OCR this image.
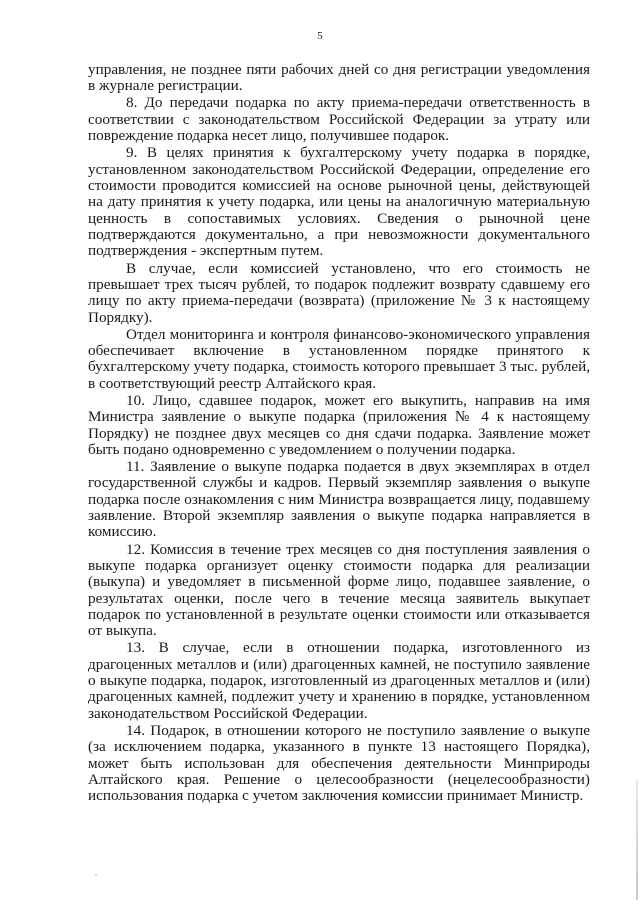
5

управления, не позднее пяти рабочих дней со дня регистрации уведомления в журнале регистрации.

8. До передачи подарка по акту приема-передачи ответственность в соответствии с законодательством Российской Федерации за утрату или повреждение подарка несет лицо, получившее подарок.

9. В целях принятия к бухгалтерскому учету подарка в порядке, установленном законодательством Российской Федерации, определение его стоимости проводится комиссией на основе рыночной цены, действующей на дату принятия к учету подарка, или цены на аналогичную материальную ценность в сопоставимых условиях. Сведения о рыночной цене подтверждаются документально, а при невозможности документального подтверждения - экспертным путем.

В случае, если комиссией установлено, что его стоимость не превышает трех тысяч рублей, то подарок подлежит возврату сдавшему его лицу по акту приема-передачи (возврата) (приложение № 3 к настоящему Порядку).

Отдел мониторинга и контроля финансово-экономического управления обеспечивает включение в установленном порядке принятого к бухгалтерскому учету подарка, стоимость которого превышает 3 тыс. рублей, в соответствующий реестр Алтайского края.

10. Лицо, сдавшее подарок, может его выкупить, направив на имя Министра заявление о выкупе подарка (приложения № 4 к настоящему Порядку) не позднее двух месяцев со дня сдачи подарка. Заявление может быть подано одновременно с уведомлением о получении подарка.

11. Заявление о выкупе подарка подается в двух экземплярах в отдел государственной службы и кадров. Первый экземпляр заявления о выкупе подарка после ознакомления с ним Министра возвращается лицу, подавшему заявление. Второй экземпляр заявления о выкупе подарка направляется в комиссию.

12. Комиссия в течение трех месяцев со дня поступления заявления о выкупе подарка организует оценку стоимости подарка для реализации (выкупа) и уведомляет в письменной форме лицо, подавшее заявление, о результатах оценки, после чего в течение месяца заявитель выкупает подарок по установленной в результате оценки стоимости или отказывается от выкупа.

13. В случае, если в отношении подарка, изготовленного из драгоценных металлов и (или) драгоценных камней, не поступило заявление о выкупе подарка, подарок, изготовленный из драгоценных металлов и (или) драгоценных камней, подлежит учету и хранению в порядке, установленном законодательством Российской Федерации.

14. Подарок, в отношении которого не поступило заявление о выкупе (за исключением подарка, указанного в пункте 13 настоящего Порядка), может быть использован для обеспечения деятельности Минприроды Алтайского края. Решение о целесообразности (нецелесообразности) использования подарка с учетом заключения комиссии принимает Министр.
